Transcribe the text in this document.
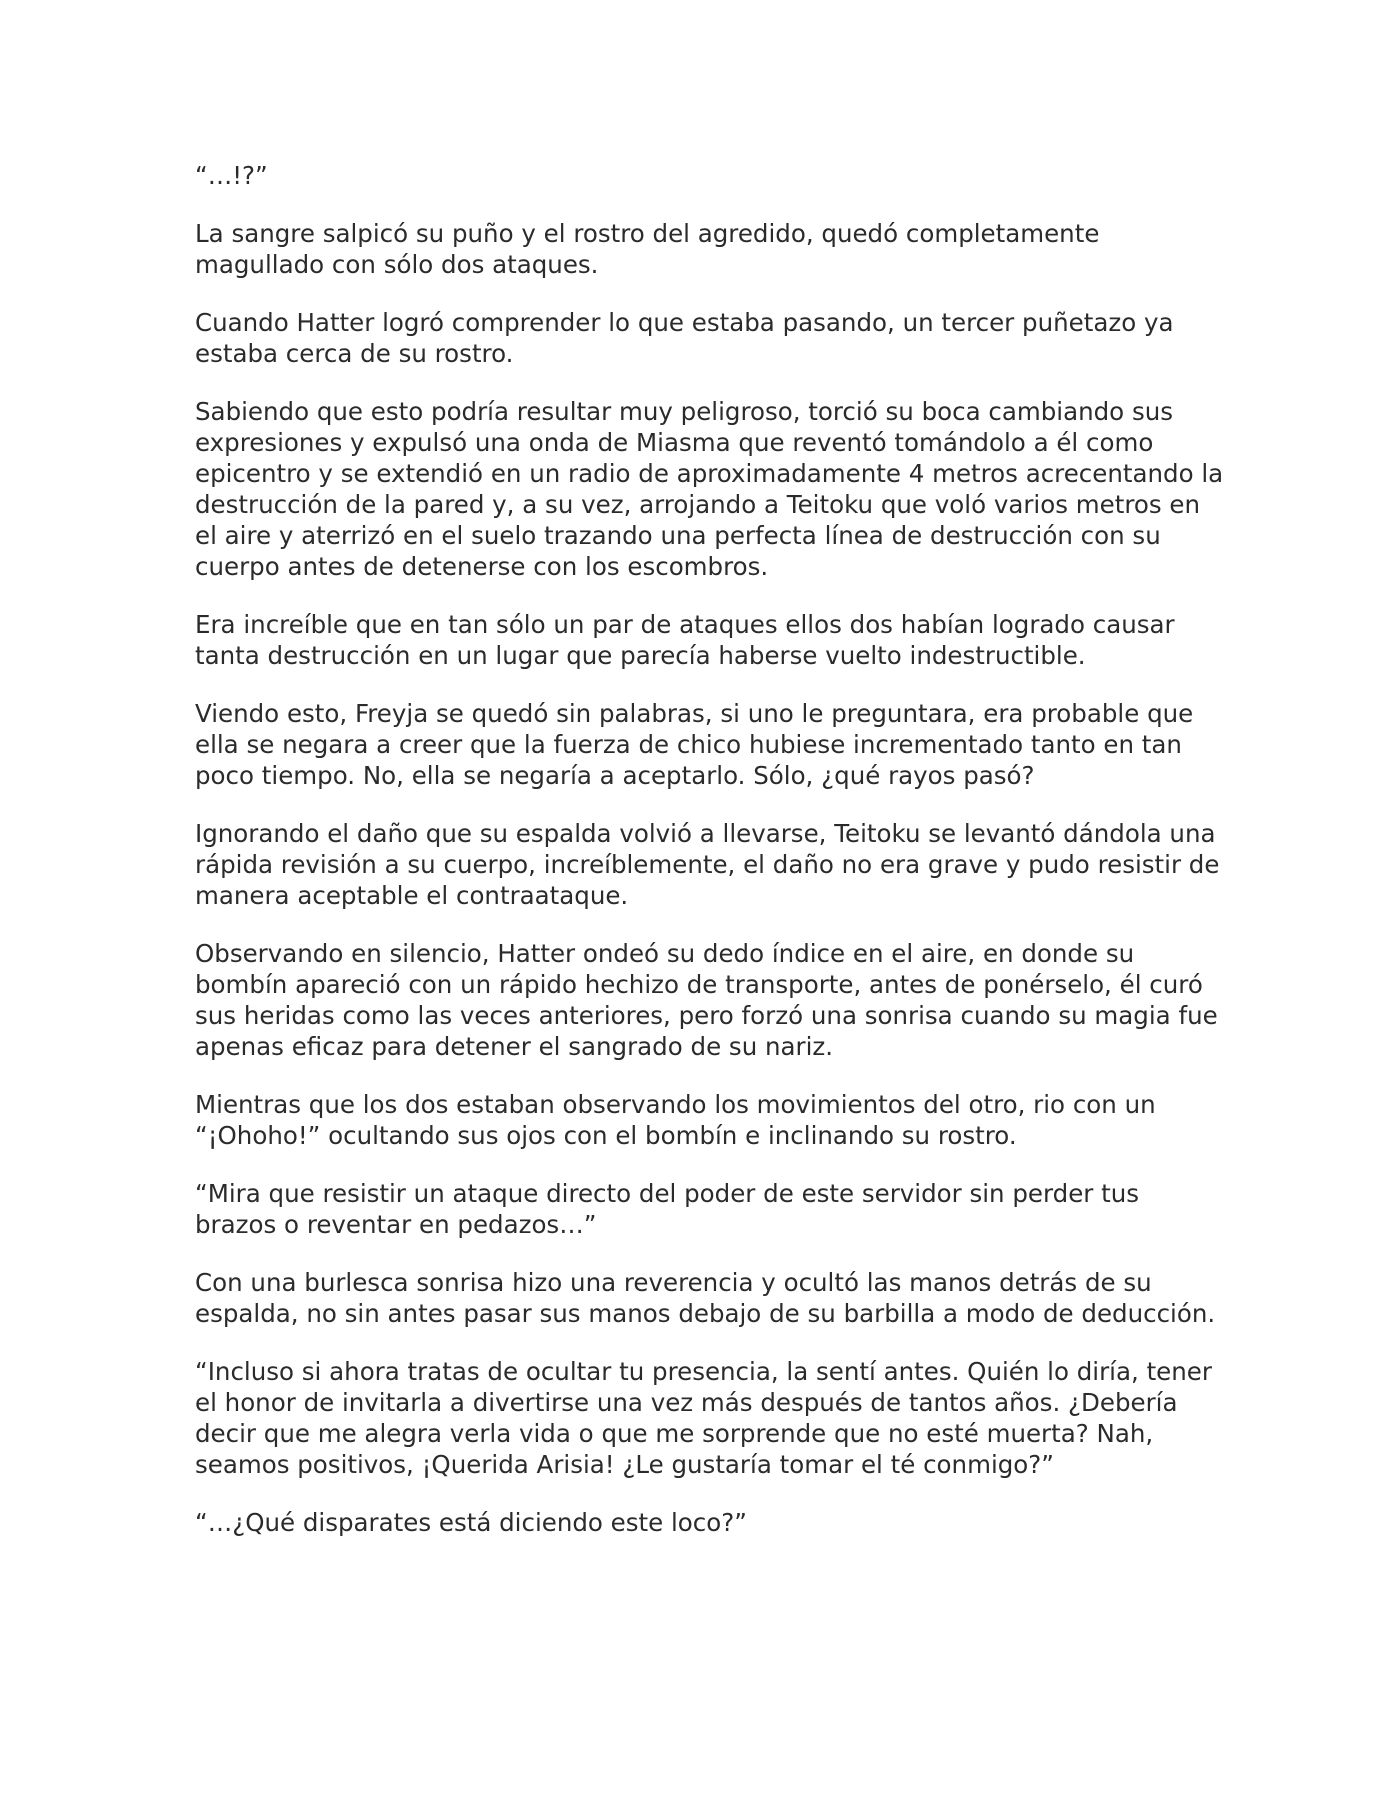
“…!?”

La sangre salpicó su puño y el rostro del agredido, quedó completamente magullado con sólo dos ataques.

Cuando Hatter logró comprender lo que estaba pasando, un tercer puñetazo ya estaba cerca de su rostro.

Sabiendo que esto podría resultar muy peligroso, torció su boca cambiando sus expresiones y expulsó una onda de Miasma que reventó tomándolo a él como epicentro y se extendió en un radio de aproximadamente 4 metros acrecentando la destrucción de la pared y, a su vez, arrojando a Teitoku que voló varios metros en el aire y aterrizó en el suelo trazando una perfecta línea de destrucción con su cuerpo antes de detenerse con los escombros.

Era increíble que en tan sólo un par de ataques ellos dos habían logrado causar tanta destrucción en un lugar que parecía haberse vuelto indestructible.

Viendo esto, Freyja se quedó sin palabras, si uno le preguntara, era probable que ella se negara a creer que la fuerza de chico hubiese incrementado tanto en tan poco tiempo. No, ella se negaría a aceptarlo. Sólo, ¿qué rayos pasó?

Ignorando el daño que su espalda volvió a llevarse, Teitoku se levantó dándola una rápida revisión a su cuerpo, increíblemente, el daño no era grave y pudo resistir de manera aceptable el contraataque.

Observando en silencio, Hatter ondeó su dedo índice en el aire, en donde su bombín apareció con un rápido hechizo de transporte, antes de ponérselo, él curó sus heridas como las veces anteriores, pero forzó una sonrisa cuando su magia fue apenas eficaz para detener el sangrado de su nariz.

Mientras que los dos estaban observando los movimientos del otro, rio con un “¡Ohoho!” ocultando sus ojos con el bombín e inclinando su rostro.

“Mira que resistir un ataque directo del poder de este servidor sin perder tus brazos o reventar en pedazos…”

Con una burlesca sonrisa hizo una reverencia y ocultó las manos detrás de su espalda, no sin antes pasar sus manos debajo de su barbilla a modo de deducción.

“Incluso si ahora tratas de ocultar tu presencia, la sentí antes. Quién lo diría, tener el honor de invitarla a divertirse una vez más después de tantos años. ¿Debería decir que me alegra verla vida o que me sorprende que no esté muerta? Nah, seamos positivos, ¡Querida Arisia! ¿Le gustaría tomar el té conmigo?”

“…¿Qué disparates está diciendo este loco?”
